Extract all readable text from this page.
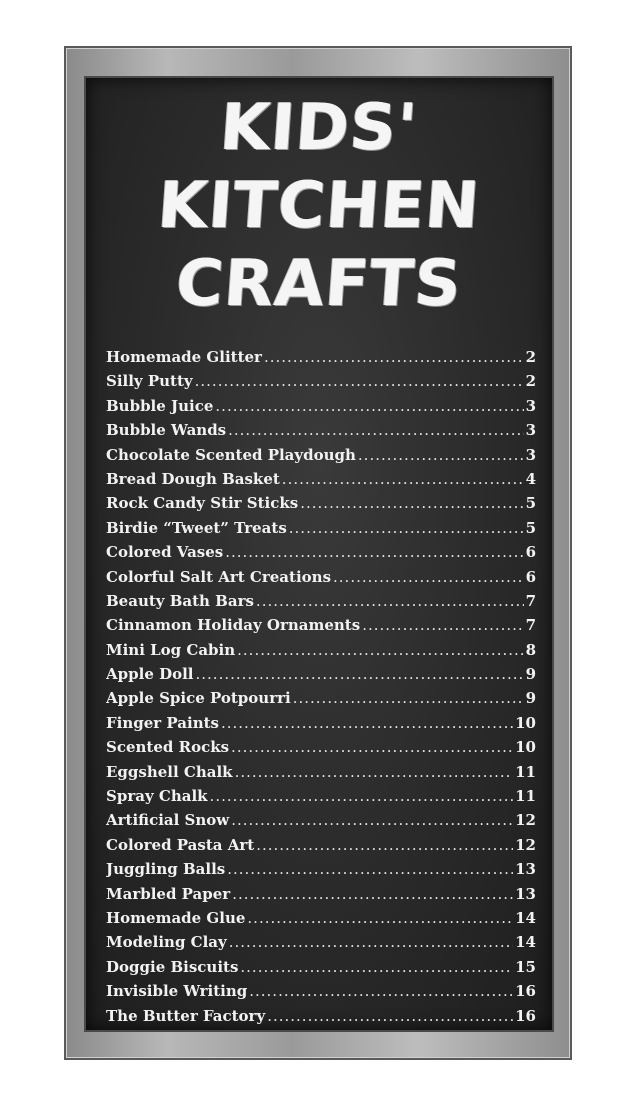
KIDS'
KITCHEN
CRAFTS
Homemade Glitter .....	2
Silly Putty .....	2
Bubble Juice .....	3
Bubble Wands .....	3
Chocolate Scented Playdough .....	3
Bread Dough Basket .....	4
Rock Candy Stir Sticks .....	5
Birdie “Tweet” Treats .....	5
Colored Vases .....	6
Colorful Salt Art Creations .....	6
Beauty Bath Bars .....	7
Cinnamon Holiday Ornaments .....	7
Mini Log Cabin .....	8
Apple Doll .....	9
Apple Spice Potpourri .....	9
Finger Paints .....	10
Scented Rocks .....	10
Eggshell Chalk .....	11
Spray Chalk .....	11
Artificial Snow .....	12
Colored Pasta Art .....	12
Juggling Balls .....	13
Marbled Paper .....	13
Homemade Glue .....	14
Modeling Clay .....	14
Doggie Biscuits .....	15
Invisible Writing .....	16
The Butter Factory .....	16
